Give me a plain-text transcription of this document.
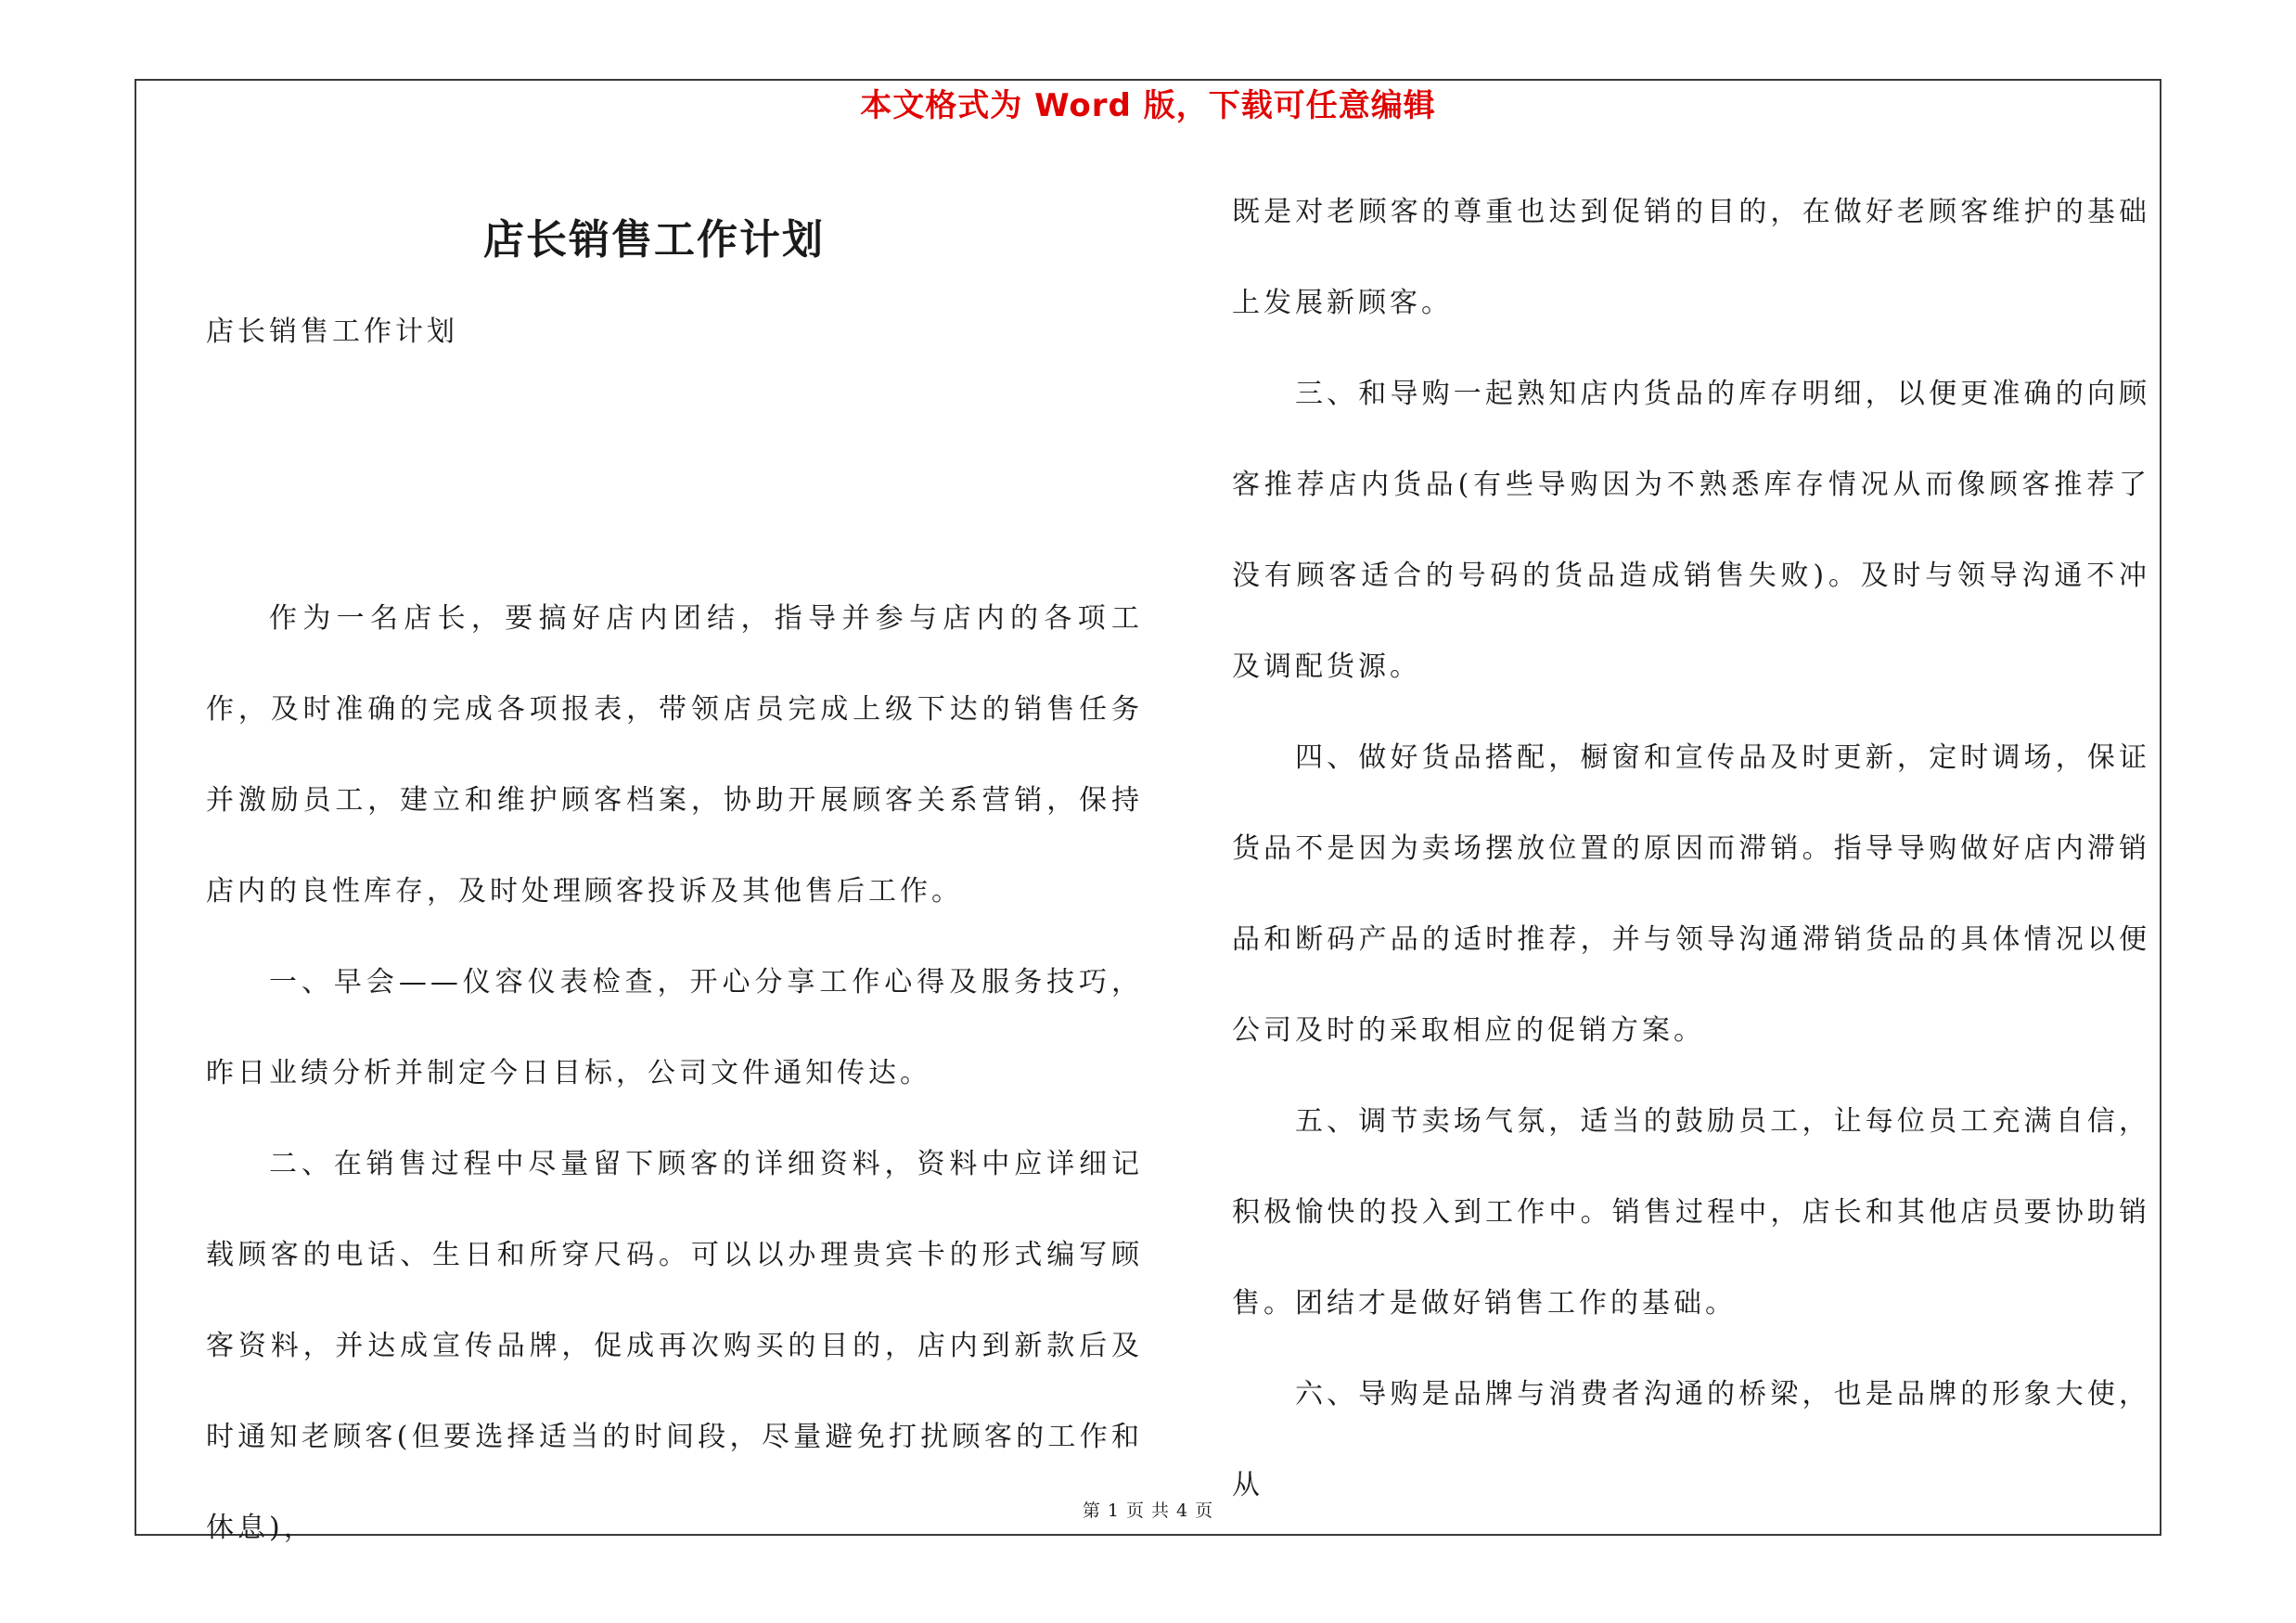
本文格式为 Word 版，下载可任意编辑
店长销售工作计划
店长销售工作计划

作为一名店长，要搞好店内团结，指导并参与店内的各项工作，及时准确的完成各项报表，带领店员完成上级下达的销售任务并激励员工，建立和维护顾客档案，协助开展顾客关系营销，保持店内的良性库存，及时处理顾客投诉及其他售后工作。

一、早会——仪容仪表检查，开心分享工作心得及服务技巧，昨日业绩分析并制定今日目标，公司文件通知传达。

二、在销售过程中尽量留下顾客的详细资料，资料中应详细记载顾客的电话、生日和所穿尺码。可以以办理贵宾卡的形式编写顾客资料，并达成宣传品牌，促成再次购买的目的，店内到新款后及时通知老顾客(但要选择适当的时间段，尽量避免打扰顾客的工作和休息)，

既是对老顾客的尊重也达到促销的目的，在做好老顾客维护的基础上发展新顾客。

三、和导购一起熟知店内货品的库存明细，以便更准确的向顾客推荐店内货品(有些导购因为不熟悉库存情况从而像顾客推荐了没有顾客适合的号码的货品造成销售失败)。及时与领导沟通不冲及调配货源。

四、做好货品搭配，橱窗和宣传品及时更新，定时调场，保证货品不是因为卖场摆放位置的原因而滞销。指导导购做好店内滞销品和断码产品的适时推荐，并与领导沟通滞销货品的具体情况以便公司及时的采取相应的促销方案。

五、调节卖场气氛，适当的鼓励员工，让每位员工充满自信，积极愉快的投入到工作中。销售过程中，店长和其他店员要协助销售。团结才是做好销售工作的基础。

六、导购是品牌与消费者沟通的桥梁，也是品牌的形象大使，从

第 1 页 共 4 页
